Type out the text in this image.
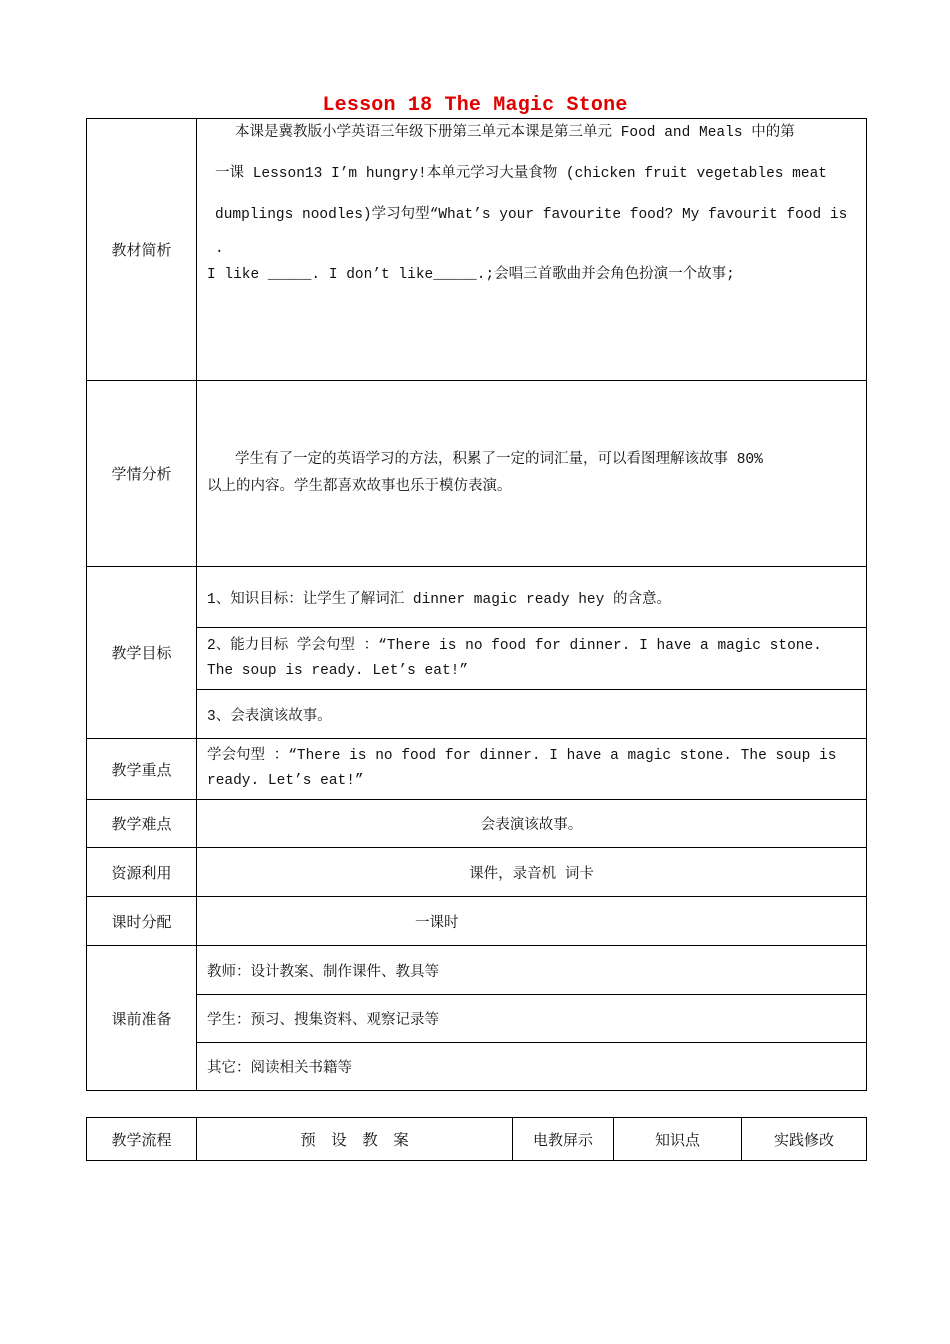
Lesson 18 The Magic Stone
教材简析	本课是冀教版小学英语三年级下册第三单元本课是第三单元 Food and Meals 中的第

一课 Lesson13 I’m hungry!本单元学习大量食物 (chicken fruit vegetables meat

dumplings noodles)学习句型“What’s your favourite food? My favourit food is

.

I like _____. I don’t like_____.;会唱三首歌曲并会角色扮演一个故事;

学情分析	学生有了一定的英语学习的方法，积累了一定的词汇量，可以看图理解该故事 80%

以上的内容。学生都喜欢故事也乐于模仿表演。

教学目标	1、知识目标：让学生了解词汇 dinner magic ready hey 的含意。

	2、能力目标 学会句型 ：“There is no food for dinner. I have a magic stone.

The soup is ready. Let’s eat!”

	3、会表演该故事。
教学重点	学会句型 ：“There is no food for dinner. I have a magic stone. The soup is

ready. Let’s eat!”

教学难点	会表演该故事。
资源利用	课件，录音机 词卡
课时分配	一课时
课前准备	教师：设计教案、制作课件、教具等
	学生：预习、搜集资料、观察记录等
	其它：阅读相关书籍等
教学流程	预　设　教　案	电教屏示	知识点	实践修改
